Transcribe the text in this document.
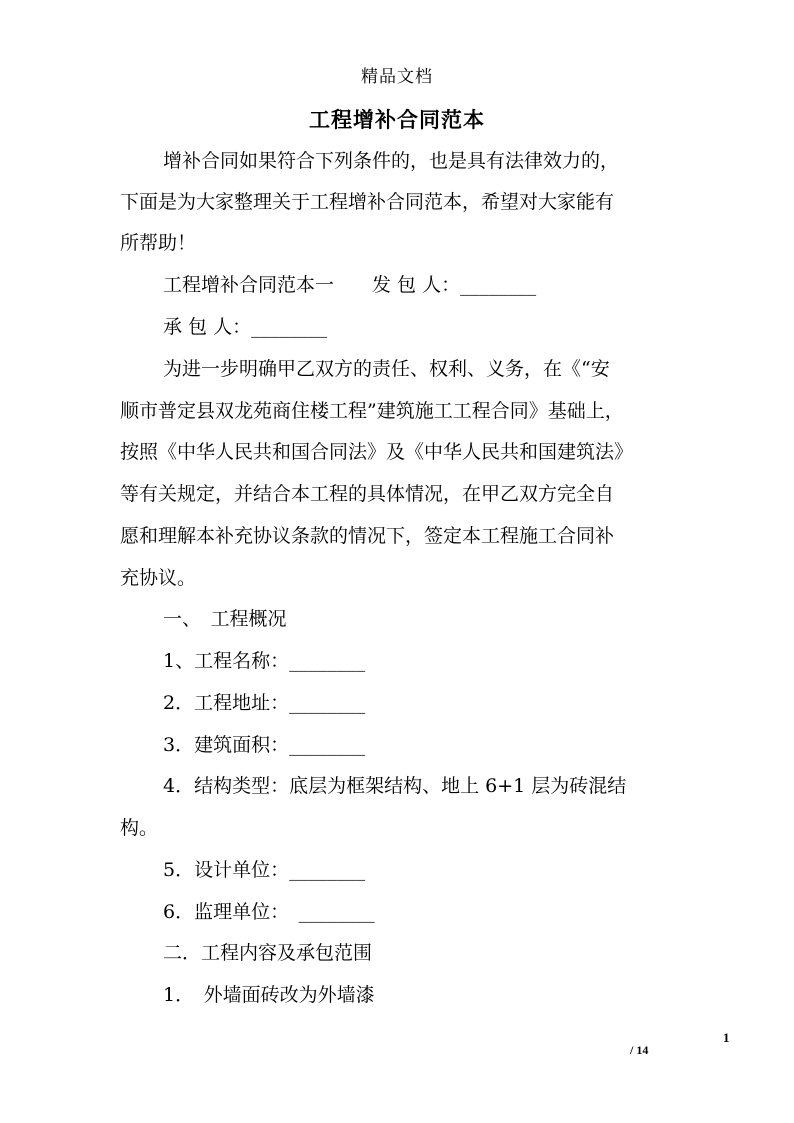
精品文档
工程增补合同范本
增补合同如果符合下列条件的，也是具有法律效力的，
下面是为大家整理关于工程增补合同范本，希望对大家能有
所帮助！
工程增补合同范本一　　发 包 人：________
承 包 人：________
为进一步明确甲乙双方的责任、权利、义务，在《“安
顺市普定县双龙苑商住楼工程”建筑施工工程合同》基础上，
按照《中华人民共和国合同法》及《中华人民共和国建筑法》
等有关规定，并结合本工程的具体情况，在甲乙双方完全自
愿和理解本补充协议条款的情况下，签定本工程施工合同补
充协议。
一、　工程概况
1、工程名称：________
2．工程地址：________
3．建筑面积：________
4．结构类型：底层为框架结构、地上 6+1 层为砖混结
构。
5．设计单位：________
6．监理单位：　________
二．工程内容及承包范围
1．　外墙面砖改为外墙漆
1
/ 14
